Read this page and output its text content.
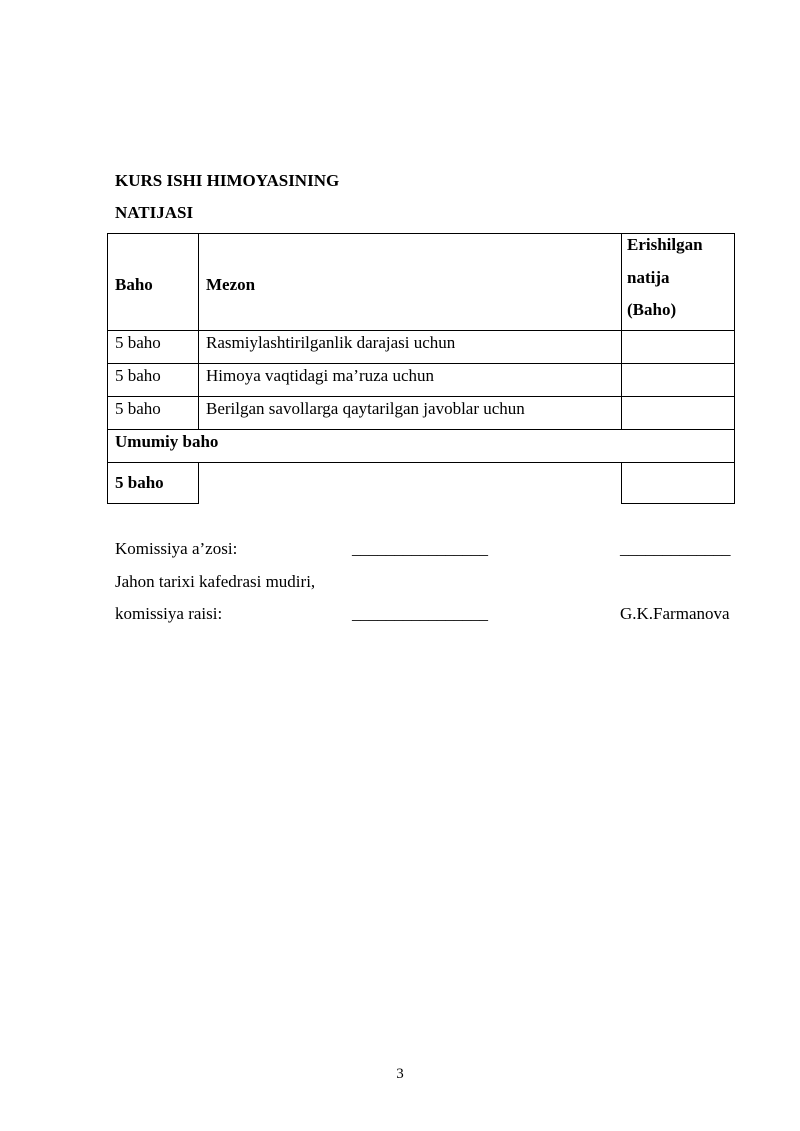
KURS ISHI HIMOYASINING
NATIJASI
Baho	Mezon
Erishilgan
natija
(Baho)
5 baho	Rasmiylashtirilganlik darajasi uchun
5 baho	Himoya vaqtidagi ma’ruza uchun
5 baho	Berilgan savollarga qaytarilgan javoblar uchun
Umumiy baho
5 baho
Komissiya a’zosi:	________________	_____________
Jahon tarixi kafedrasi mudiri,
komissiya raisi:	________________	G.K.Farmanova
3
